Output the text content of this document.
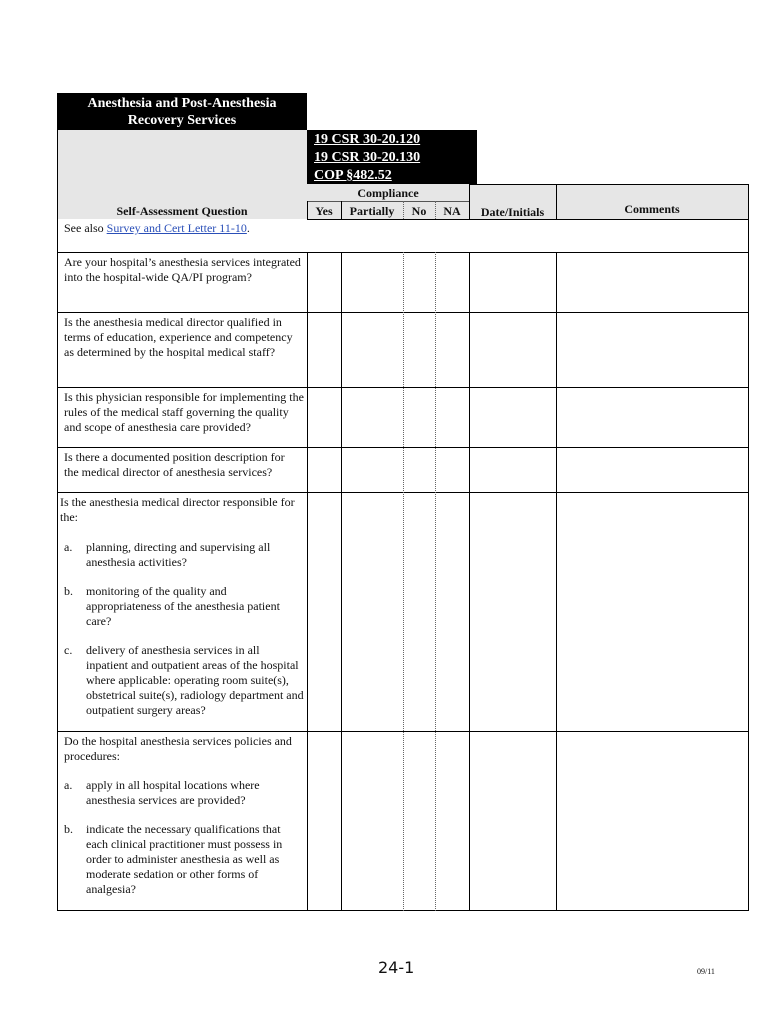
Anesthesia and Post-Anesthesia
Recovery Services
19 CSR 30-20.120
19 CSR 30-20.130
COP §482.52
Self-Assessment Question
Compliance
Yes	Partially	No	NA	Date/Initials	Comments
See also Survey and Cert Letter 11-10.
Are your hospital’s anesthesia services integrated into the hospital-wide QA/PI program?
Is the anesthesia medical director qualified in terms of education, experience and competency as determined by the hospital medical staff?
Is this physician responsible for implementing the rules of the medical staff governing the quality and scope of anesthesia care provided?
Is there a documented position description for the medical director of anesthesia services?
Is the anesthesia medical director responsible for the:
a. planning, directing and supervising all anesthesia activities?
b. monitoring of the quality and appropriateness of the anesthesia patient care?
c. delivery of anesthesia services in all inpatient and outpatient areas of the hospital where applicable: operating room suite(s), obstetrical suite(s), radiology department and outpatient surgery areas?
Do the hospital anesthesia services policies and procedures:
a. apply in all hospital locations where anesthesia services are provided?
b. indicate the necessary qualifications that each clinical practitioner must possess in order to administer anesthesia as well as moderate sedation or other forms of analgesia?
24-1	09/11
